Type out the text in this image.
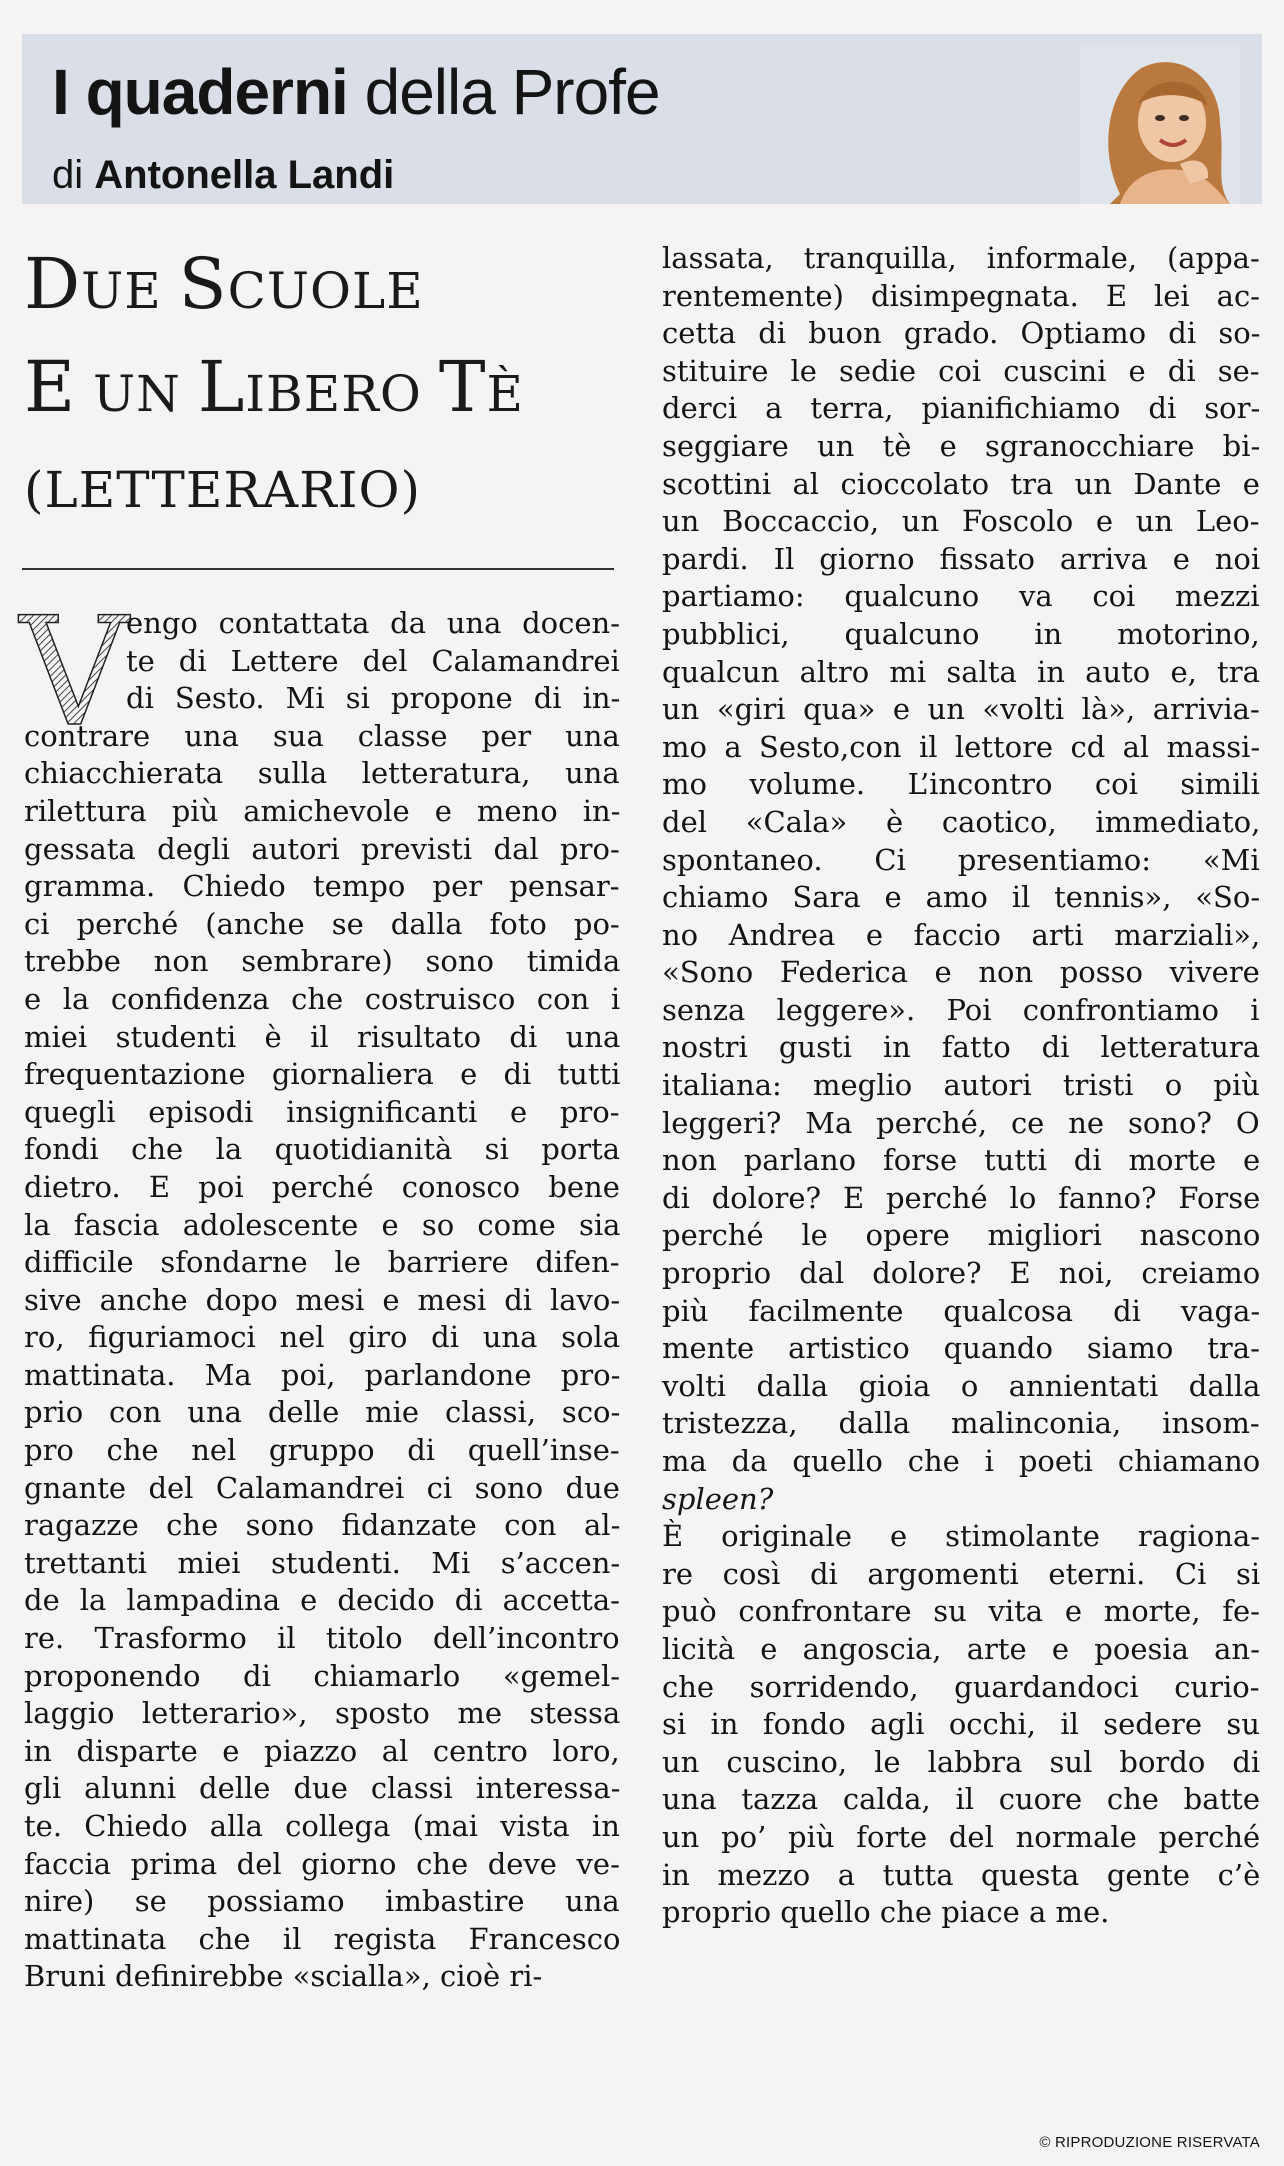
I quaderni della Profe
di Antonella Landi
DUE SCUOLE
E UN LIBERO TÈ
(LETTERARIO)
V
engo contattata da una docen-
te di Lettere del Calamandrei
di Sesto. Mi si propone di in-
contrare una sua classe per una
chiacchierata sulla letteratura, una
rilettura più amichevole e meno in-
gessata degli autori previsti dal pro-
gramma. Chiedo tempo per pensar-
ci perché (anche se dalla foto po-
trebbe non sembrare) sono timida
e la confidenza che costruisco con i
miei studenti è il risultato di una
frequentazione giornaliera e di tutti
quegli episodi insignificanti e pro-
fondi che la quotidianità si porta
dietro. E poi perché conosco bene
la fascia adolescente e so come sia
difficile sfondarne le barriere difen-
sive anche dopo mesi e mesi di lavo-
ro, figuriamoci nel giro di una sola
mattinata. Ma poi, parlandone pro-
prio con una delle mie classi, sco-
pro che nel gruppo di quell’inse-
gnante del Calamandrei ci sono due
ragazze che sono fidanzate con al-
trettanti miei studenti. Mi s’accen-
de la lampadina e decido di accetta-
re. Trasformo il titolo dell’incontro
proponendo di chiamarlo «gemel-
laggio letterario», sposto me stessa
in disparte e piazzo al centro loro,
gli alunni delle due classi interessa-
te. Chiedo alla collega (mai vista in
faccia prima del giorno che deve ve-
nire) se possiamo imbastire una
mattinata che il regista Francesco
Bruni definirebbe «scialla», cioè ri-
lassata, tranquilla, informale, (appa-
rentemente) disimpegnata. E lei ac-
cetta di buon grado. Optiamo di so-
stituire le sedie coi cuscini e di se-
derci a terra, pianifichiamo di sor-
seggiare un tè e sgranocchiare bi-
scottini al cioccolato tra un Dante e
un Boccaccio, un Foscolo e un Leo-
pardi. Il giorno fissato arriva e noi
partiamo: qualcuno va coi mezzi
pubblici, qualcuno in motorino,
qualcun altro mi salta in auto e, tra
un «giri qua» e un «volti là», arrivia-
mo a Sesto,con il lettore cd al massi-
mo volume. L’incontro coi simili
del «Cala» è caotico, immediato,
spontaneo. Ci presentiamo: «Mi
chiamo Sara e amo il tennis», «So-
no Andrea e faccio arti marziali»,
«Sono Federica e non posso vivere
senza leggere». Poi confrontiamo i
nostri gusti in fatto di letteratura
italiana: meglio autori tristi o più
leggeri? Ma perché, ce ne sono? O
non parlano forse tutti di morte e
di dolore? E perché lo fanno? Forse
perché le opere migliori nascono
proprio dal dolore? E noi, creiamo
più facilmente qualcosa di vaga-
mente artistico quando siamo tra-
volti dalla gioia o annientati dalla
tristezza, dalla malinconia, insom-
ma da quello che i poeti chiamano
spleen?
È originale e stimolante ragiona-
re così di argomenti eterni. Ci si
può confrontare su vita e morte, fe-
licità e angoscia, arte e poesia an-
che sorridendo, guardandoci curio-
si in fondo agli occhi, il sedere su
un cuscino, le labbra sul bordo di
una tazza calda, il cuore che batte
un po’ più forte del normale perché
in mezzo a tutta questa gente c’è
proprio quello che piace a me.
© RIPRODUZIONE RISERVATA
